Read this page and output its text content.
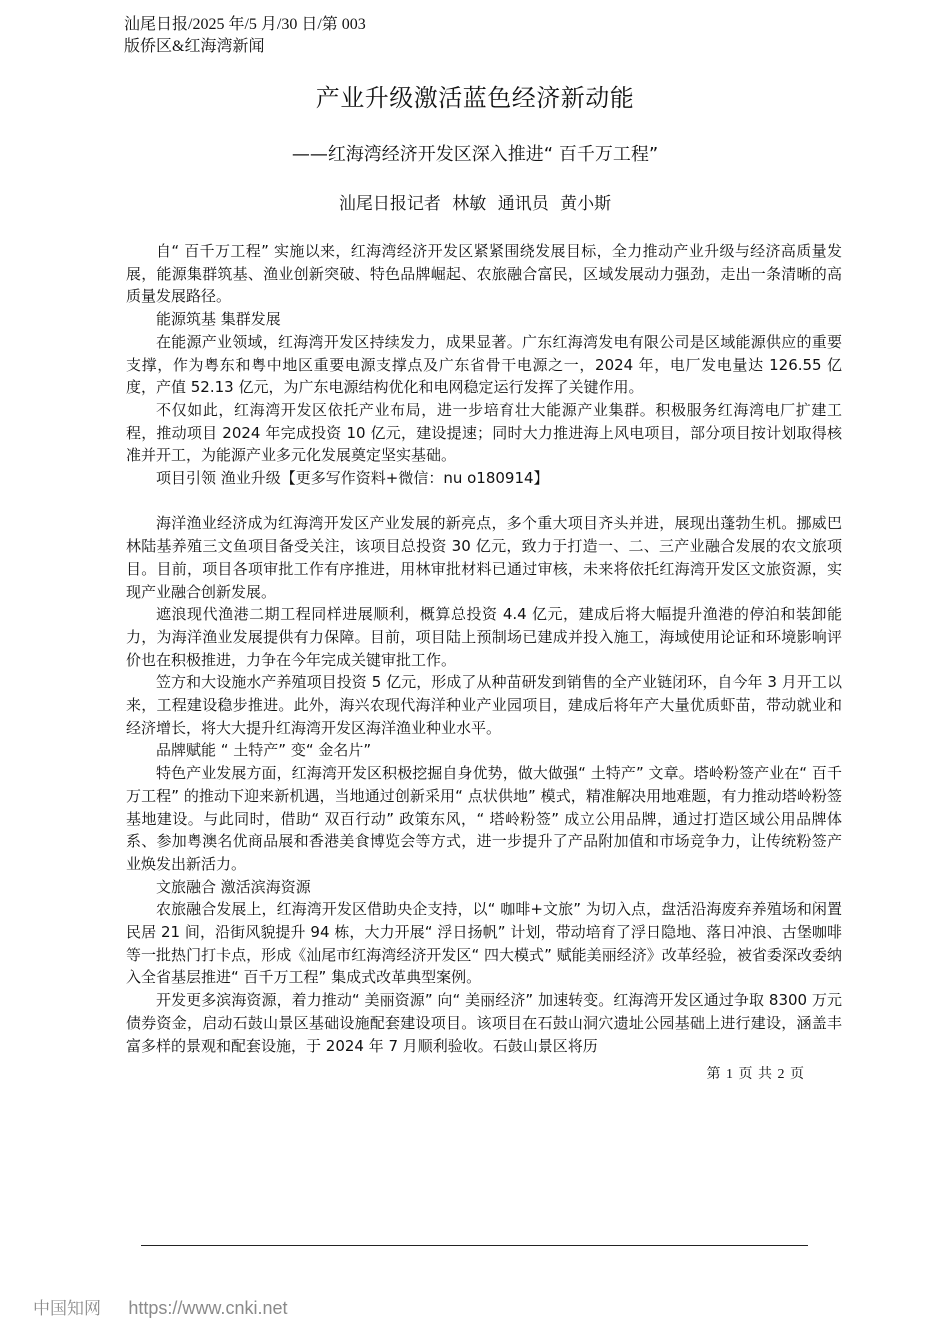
汕尾日报/2025 年/5 月/30 日/第 003
版侨区&红海湾新闻
产业升级激活蓝色经济新动能
——红海湾经济开发区深入推进“ 百千万工程”
汕尾日报记者 林敏 通讯员 黄小斯

自“ 百千万工程” 实施以来，红海湾经济开发区紧紧围绕发展目标，全力推动产业升级与经济高质量发展，能源集群筑基、渔业创新突破、特色品牌崛起、农旅融合富民，区域发展动力强劲，走出一条清晰的高质量发展路径。

能源筑基 集群发展

在能源产业领域，红海湾开发区持续发力，成果显著。广东红海湾发电有限公司是区域能源供应的重要支撑，作为粤东和粤中地区重要电源支撑点及广东省骨干电源之一，2024 年，电厂发电量达 126.55 亿度，产值 52.13 亿元，为广东电源结构优化和电网稳定运行发挥了关键作用。

不仅如此，红海湾开发区依托产业布局，进一步培育壮大能源产业集群。积极服务红海湾电厂扩建工程，推动项目 2024 年完成投资 10 亿元，建设提速；同时大力推进海上风电项目，部分项目按计划取得核准并开工，为能源产业多元化发展奠定坚实基础。

项目引领 渔业升级【更多写作资料+微信：nu o180914】

海洋渔业经济成为红海湾开发区产业发展的新亮点，多个重大项目齐头并进，展现出蓬勃生机。挪威巴林陆基养殖三文鱼项目备受关注，该项目总投资 30 亿元，致力于打造一、二、三产业融合发展的农文旅项目。目前，项目各项审批工作有序推进，用林审批材料已通过审核，未来将依托红海湾开发区文旅资源，实现产业融合创新发展。

遮浪现代渔港二期工程同样进展顺利，概算总投资 4.4 亿元，建成后将大幅提升渔港的停泊和装卸能力，为海洋渔业发展提供有力保障。目前，项目陆上预制场已建成并投入施工，海域使用论证和环境影响评价也在积极推进，力争在今年完成关键审批工作。

笠方和大设施水产养殖项目投资 5 亿元，形成了从种苗研发到销售的全产业链闭环，自今年 3 月开工以来，工程建设稳步推进。此外，海兴农现代海洋种业产业园项目，建成后将年产大量优质虾苗，带动就业和经济增长，将大大提升红海湾开发区海洋渔业种业水平。

品牌赋能 “ 土特产” 变“ 金名片”

特色产业发展方面，红海湾开发区积极挖掘自身优势，做大做强“ 土特产” 文章。塔岭粉签产业在“ 百千万工程” 的推动下迎来新机遇，当地通过创新采用“ 点状供地” 模式，精准解决用地难题，有力推动塔岭粉签基地建设。与此同时，借助“ 双百行动” 政策东风，“ 塔岭粉签” 成立公用品牌，通过打造区域公用品牌体系、参加粤澳名优商品展和香港美食博览会等方式，进一步提升了产品附加值和市场竞争力，让传统粉签产业焕发出新活力。

文旅融合 激活滨海资源

农旅融合发展上，红海湾开发区借助央企支持，以“ 咖啡+文旅” 为切入点，盘活沿海废弃养殖场和闲置民居 21 间，沿街风貌提升 94 栋，大力开展“ 浮日扬帆” 计划，带动培育了浮日隐地、落日冲浪、古堡咖啡等一批热门打卡点，形成《汕尾市红海湾经济开发区“ 四大模式” 赋能美丽经济》改革经验，被省委深改委纳入全省基层推进“ 百千万工程” 集成式改革典型案例。

开发更多滨海资源，着力推动“ 美丽资源” 向“ 美丽经济” 加速转变。红海湾开发区通过争取 8300 万元债券资金，启动石鼓山景区基础设施配套建设项目。该项目在石鼓山洞穴遗址公园基础上进行建设，涵盖丰富多样的景观和配套设施，于 2024 年 7 月顺利验收。石鼓山景区将历

第 1 页 共 2 页
中国知网 https://www.cnki.net
